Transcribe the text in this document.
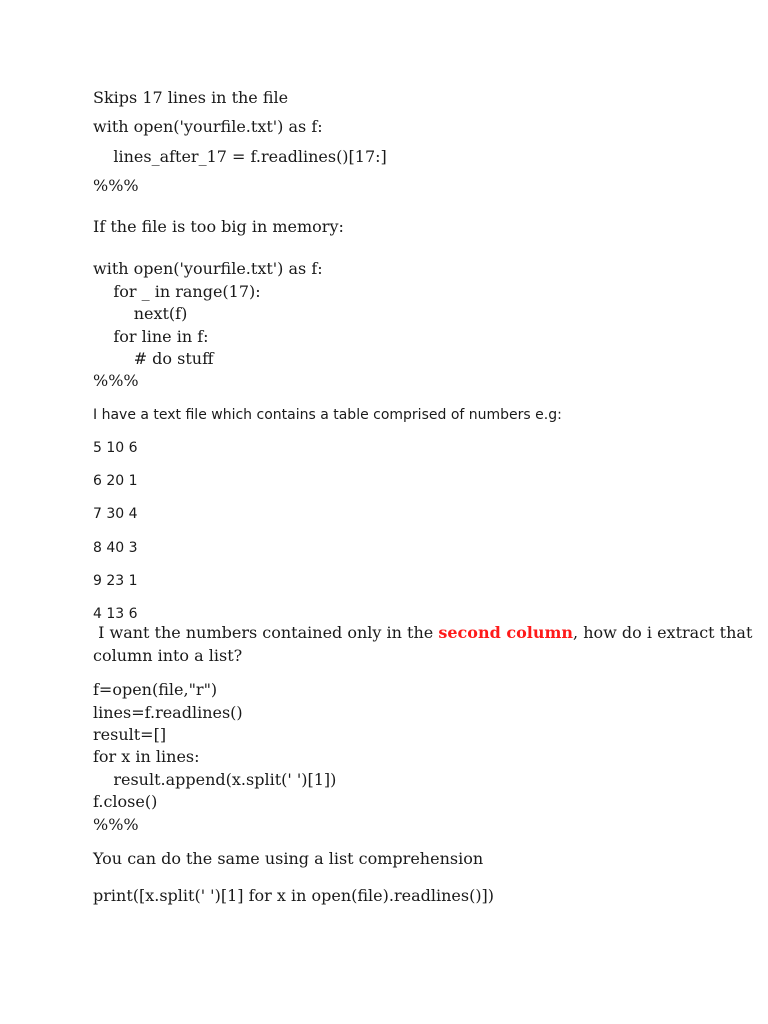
Skips 17 lines in the file
with open('yourfile.txt') as f:
lines_after_17 = f.readlines()[17:]
%%%
If the file is too big in memory:
with open('yourfile.txt') as f:
for _ in range(17):
next(f)
for line in f:
# do stuff
%%%
I have a text file which contains a table comprised of numbers e.g:
5 10 6
6 20 1
7 30 4
8 40 3
9 23 1
4 13 6
I want the numbers contained only in the second column, how do i extract that
column into a list?
f=open(file,"r")
lines=f.readlines()
result=[]
for x in lines:
result.append(x.split(' ')[1])
f.close()
%%%
You can do the same using a list comprehension
print([x.split(' ')[1] for x in open(file).readlines()])
